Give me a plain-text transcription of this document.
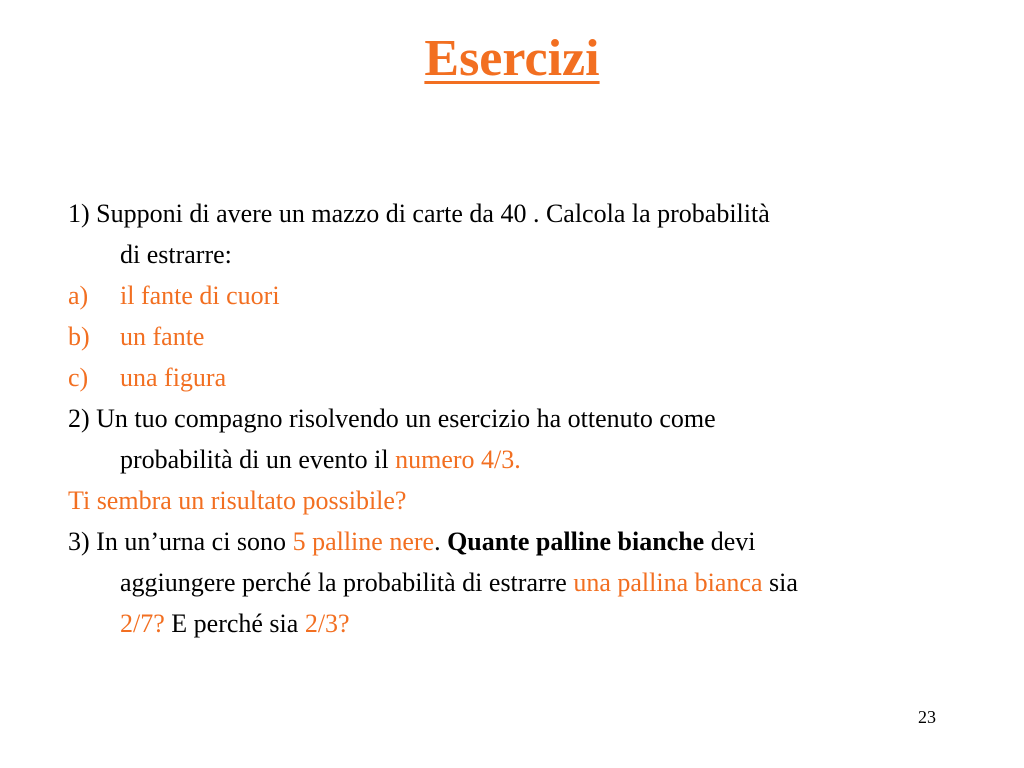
Esercizi
1) Supponi di avere un mazzo di carte da 40 . Calcola la probabilità
di estrarre:
a) il fante di cuori
b) un fante
c) una figura
2) Un tuo compagno risolvendo un esercizio ha ottenuto come
probabilità di un evento il numero 4/3.
Ti sembra un risultato possibile?
3) In un’urna ci sono 5 palline nere. Quante palline bianche devi
aggiungere perché la probabilità di estrarre una pallina bianca sia
2/7? E perché sia 2/3?
23
